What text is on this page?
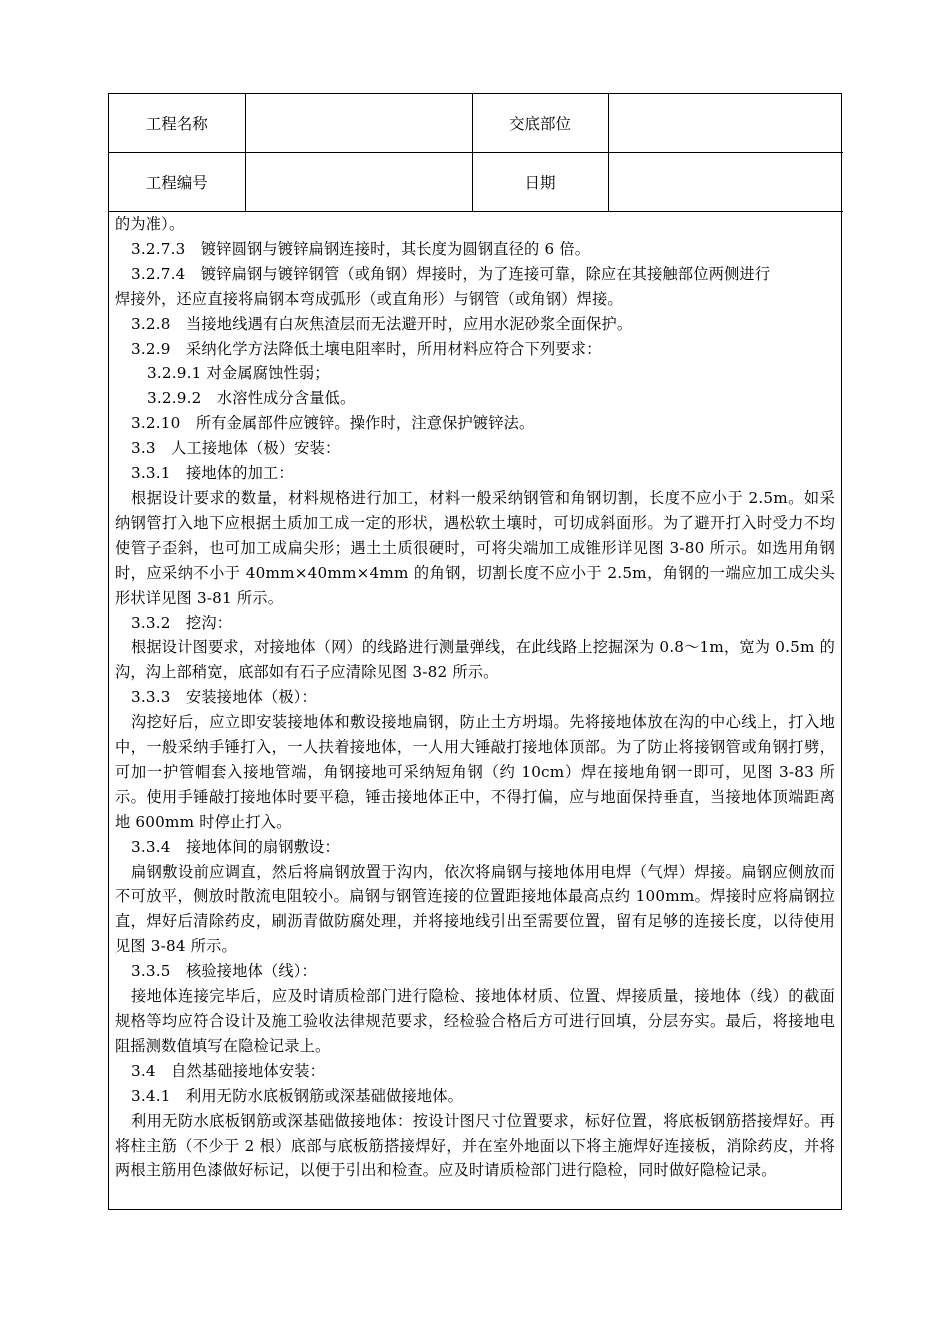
工程名称		交底部位	
工程编号		日期	

的为准）。

3.2.7.3　镀锌圆钢与镀锌扁钢连接时，其长度为圆钢直径的 6 倍。

3.2.7.4　镀锌扁钢与镀锌钢管（或角钢）焊接时，为了连接可靠，除应在其接触部位两侧进行

焊接外，还应直接将扁钢本弯成弧形（或直角形）与钢管（或角钢）焊接。

3.2.8　当接地线遇有白灰焦渣层而无法避开时，应用水泥砂浆全面保护。

3.2.9　采纳化学方法降低土壤电阻率时，所用材料应符合下列要求：

3.2.9.1 对金属腐蚀性弱；

3.2.9.2　水溶性成分含量低。

3.2.10　所有金属部件应镀锌。操作时，注意保护镀锌法。

3.3　人工接地体（极）安装：

3.3.1　接地体的加工：

根据设计要求的数量，材料规格进行加工，材料一般采纳钢管和角钢切割，长度不应小于 2.5m。如采纳钢管打入地下应根据土质加工成一定的形状，遇松软土壤时，可切成斜面形。为了避开打入时受力不均使管子歪斜，也可加工成扁尖形；遇土土质很硬时，可将尖端加工成锥形详见图 3-80 所示。如选用角钢时，应采纳不小于 40mm×40mm×4mm 的角钢，切割长度不应小于 2.5m，角钢的一端应加工成尖头形状详见图 3-81 所示。

3.3.2　挖沟：

根据设计图要求，对接地体（网）的线路进行测量弹线，在此线路上挖掘深为 0.8～1m，宽为 0.5m 的沟，沟上部稍宽，底部如有石子应清除见图 3-82 所示。

3.3.3　安装接地体（极）：

沟挖好后，应立即安装接地体和敷设接地扁钢，防止土方坍塌。先将接地体放在沟的中心线上，打入地中，一般采纳手锤打入，一人扶着接地体，一人用大锤敲打接地体顶部。为了防止将接钢管或角钢打劈，可加一护管帽套入接地管端，角钢接地可采纳短角钢（约 10cm）焊在接地角钢一即可，见图 3-83 所示。使用手锤敲打接地体时要平稳，锤击接地体正中，不得打偏，应与地面保持垂直，当接地体顶端距离地 600mm 时停止打入。

3.3.4　接地体间的扇钢敷设：

扁钢敷设前应调直，然后将扁钢放置于沟内，依次将扁钢与接地体用电焊（气焊）焊接。扁钢应侧放而不可放平，侧放时散流电阻较小。扁钢与钢管连接的位置距接地体最高点约 100mm。焊接时应将扁钢拉直，焊好后清除药皮，刷沥青做防腐处理，并将接地线引出至需要位置，留有足够的连接长度，以待使用见图 3-84 所示。

3.3.5　核验接地体（线）：

接地体连接完毕后，应及时请质检部门进行隐检、接地体材质、位置、焊接质量，接地体（线）的截面规格等均应符合设计及施工验收法律规范要求，经检验合格后方可进行回填，分层夯实。最后，将接地电阻摇测数值填写在隐检记录上。

3.4　自然基础接地体安装：

3.4.1　利用无防水底板钢筋或深基础做接地体。

利用无防水底板钢筋或深基础做接地体：按设计图尺寸位置要求，标好位置，将底板钢筋搭接焊好。再将柱主筋（不少于 2 根）底部与底板筋搭接焊好，并在室外地面以下将主施焊好连接板，消除药皮，并将两根主筋用色漆做好标记，以便于引出和检查。应及时请质检部门进行隐检，同时做好隐检记录。
